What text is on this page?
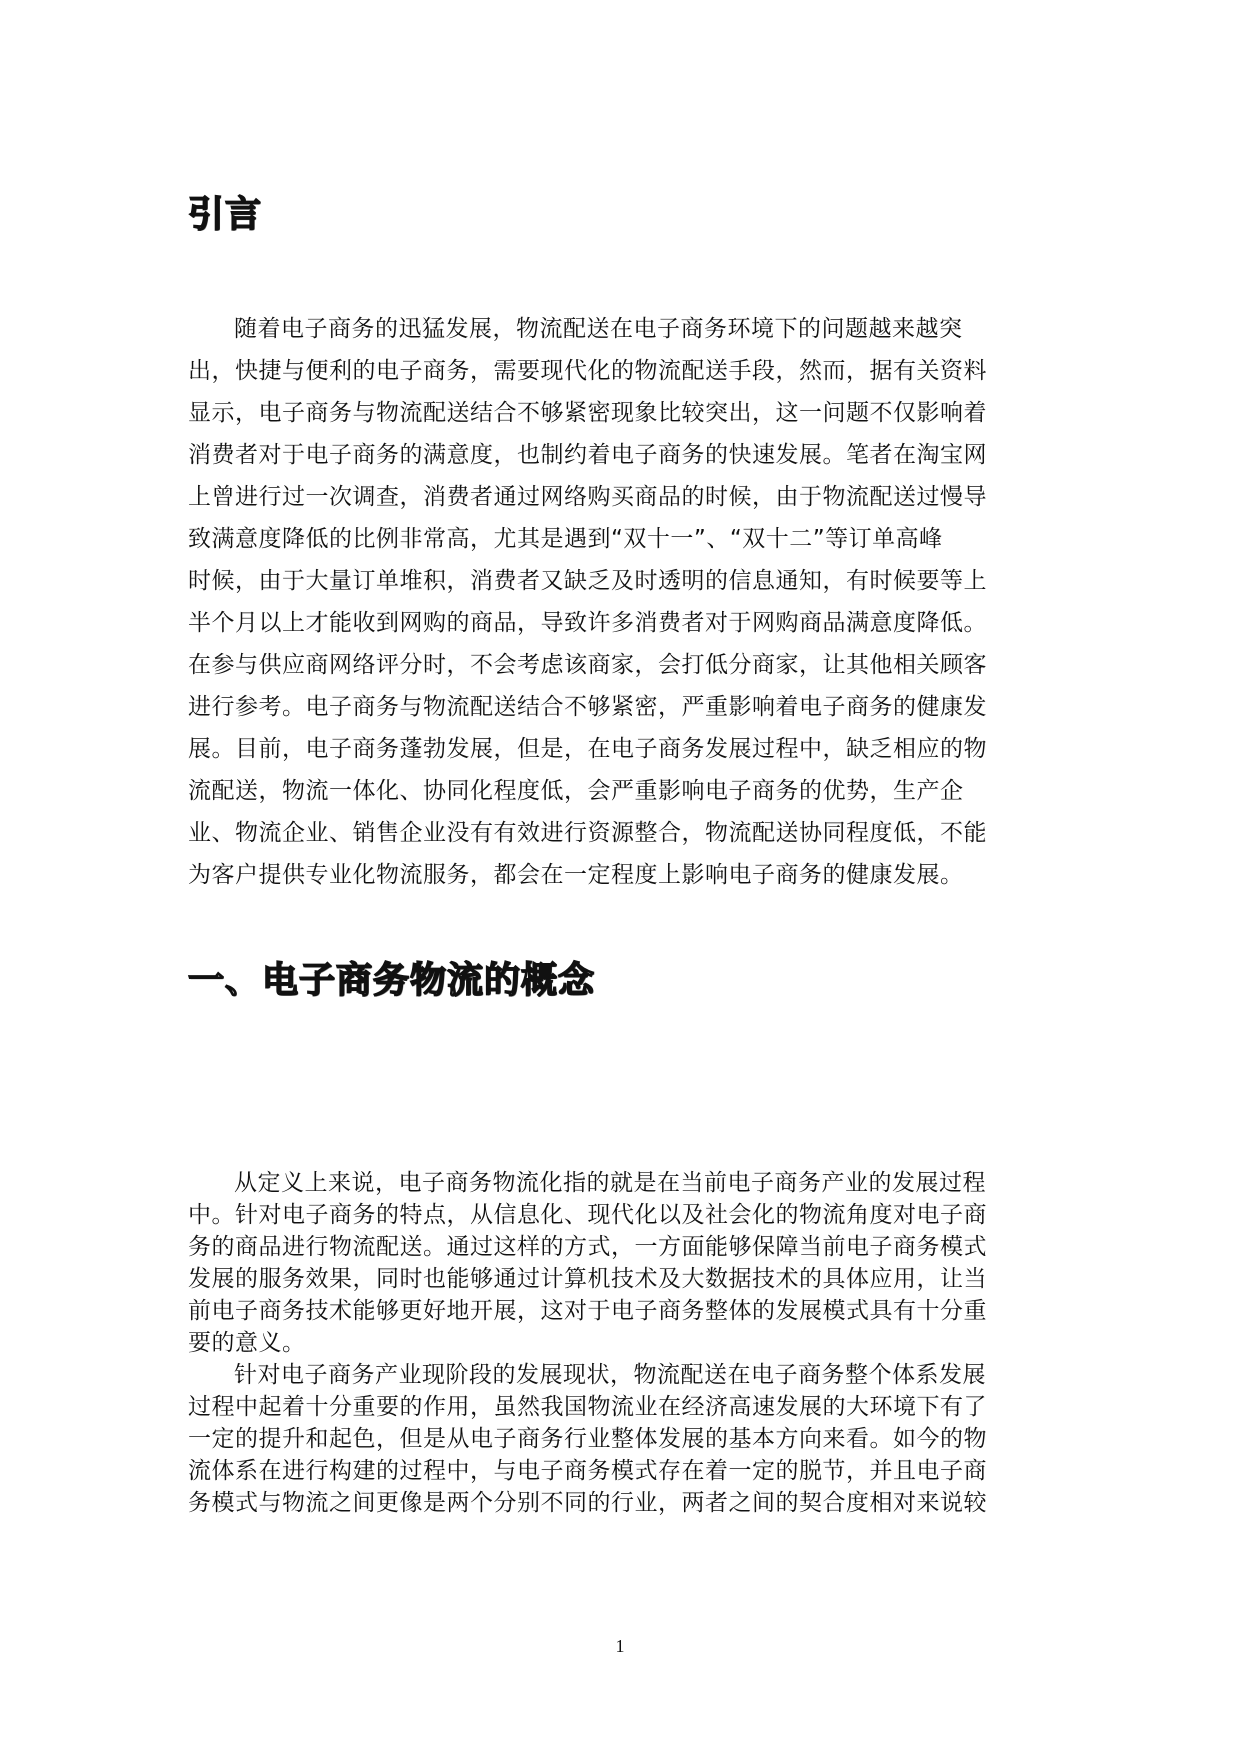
引言
随着电子商务的迅猛发展，物流配送在电子商务环境下的问题越来越突
出，快捷与便利的电子商务，需要现代化的物流配送手段，然而，据有关资料
显示，电子商务与物流配送结合不够紧密现象比较突出，这一问题不仅影响着
消费者对于电子商务的满意度，也制约着电子商务的快速发展。笔者在淘宝网
上曾进行过一次调查，消费者通过网络购买商品的时候，由于物流配送过慢导
致满意度降低的比例非常高，尤其是遇到“双十一”、“双十二”等订单高峰
时候，由于大量订单堆积，消费者又缺乏及时透明的信息通知，有时候要等上
半个月以上才能收到网购的商品，导致许多消费者对于网购商品满意度降低。
在参与供应商网络评分时，不会考虑该商家，会打低分商家，让其他相关顾客
进行参考。电子商务与物流配送结合不够紧密，严重影响着电子商务的健康发
展。目前，电子商务蓬勃发展，但是，在电子商务发展过程中，缺乏相应的物
流配送，物流一体化、协同化程度低，会严重影响电子商务的优势，生产企
业、物流企业、销售企业没有有效进行资源整合，物流配送协同程度低，不能
为客户提供专业化物流服务，都会在一定程度上影响电子商务的健康发展。
一、电子商务物流的概念
从定义上来说，电子商务物流化指的就是在当前电子商务产业的发展过程
中。针对电子商务的特点，从信息化、现代化以及社会化的物流角度对电子商
务的商品进行物流配送。通过这样的方式，一方面能够保障当前电子商务模式
发展的服务效果，同时也能够通过计算机技术及大数据技术的具体应用，让当
前电子商务技术能够更好地开展，这对于电子商务整体的发展模式具有十分重
要的意义。
针对电子商务产业现阶段的发展现状，物流配送在电子商务整个体系发展
过程中起着十分重要的作用，虽然我国物流业在经济高速发展的大环境下有了
一定的提升和起色，但是从电子商务行业整体发展的基本方向来看。如今的物
流体系在进行构建的过程中，与电子商务模式存在着一定的脱节，并且电子商
务模式与物流之间更像是两个分别不同的行业，两者之间的契合度相对来说较
1
